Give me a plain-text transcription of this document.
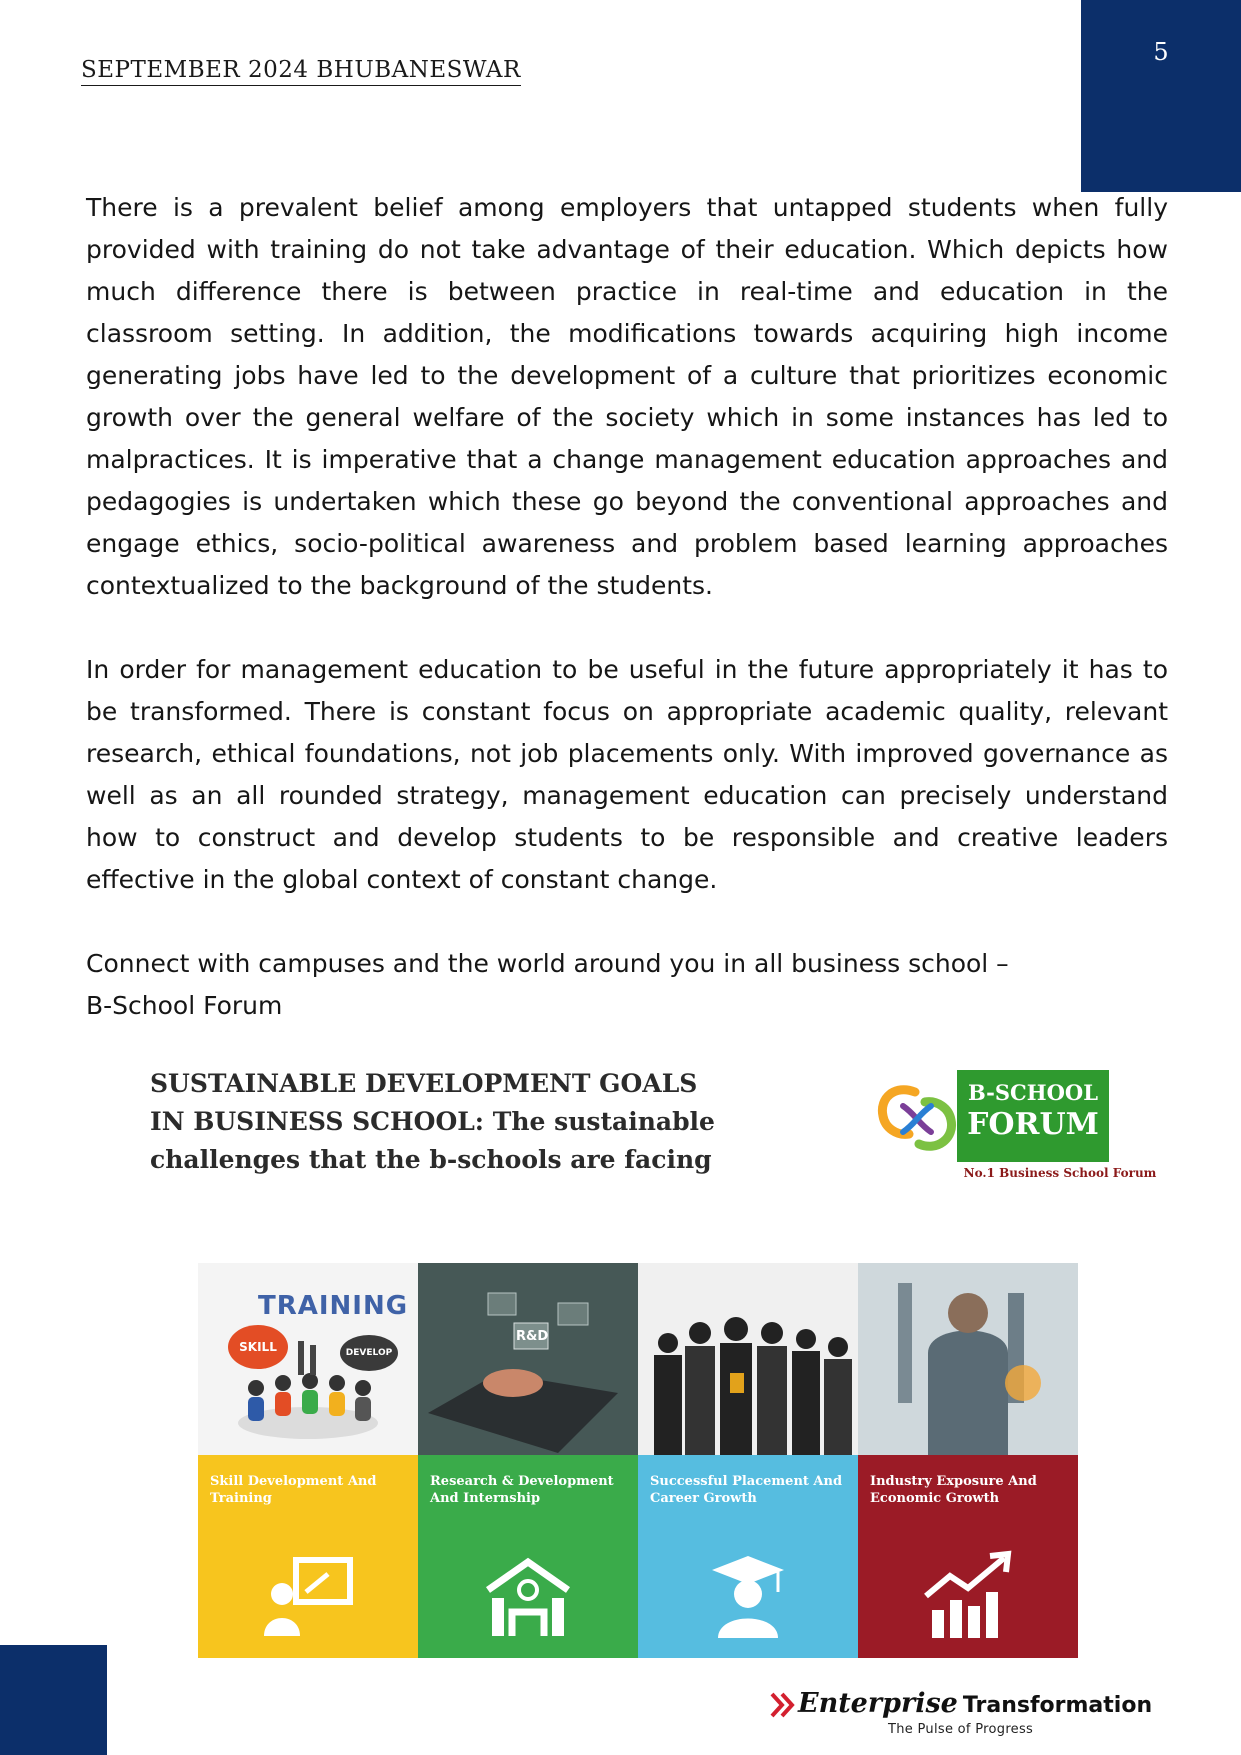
SEPTEMBER 2024 BHUBANESWAR
5

There is a prevalent belief among employers that untapped students when fully provided with training do not take advantage of their education. Which depicts how much difference there is between practice in real-time and education in the classroom setting. In addition, the modifications towards acquiring high income generating jobs have led to the development of a culture that prioritizes economic growth over the general welfare of the society which in some instances has led to malpractices. It is imperative that a change management education approaches and pedagogies is undertaken which these go beyond the conventional approaches and engage ethics, socio-political awareness and problem based learning approaches contextualized to the background of the students.

In order for management education to be useful in the future appropriately it has to be transformed. There is constant focus on appropriate academic quality, relevant research, ethical foundations, not job placements only. With improved governance as well as an all rounded strategy, management education can precisely understand how to construct and develop students to be responsible and creative leaders effective in the global context of constant change.

Connect with campuses and the world around you in all business school –
B-School Forum

SUSTAINABLE DEVELOPMENT GOALS
IN BUSINESS SCHOOL: The sustainable
challenges that the b-schools are facing
B-SCHOOL
FORUM
No.1 Business School Forum
TRAINING
SKILL	DEVELOP
Skill Development And Training
R&D
Research & Development And Internship
Successful Placement And Career Growth
Industry Exposure And Economic Growth
Enterprise Transformation
The Pulse of Progress
